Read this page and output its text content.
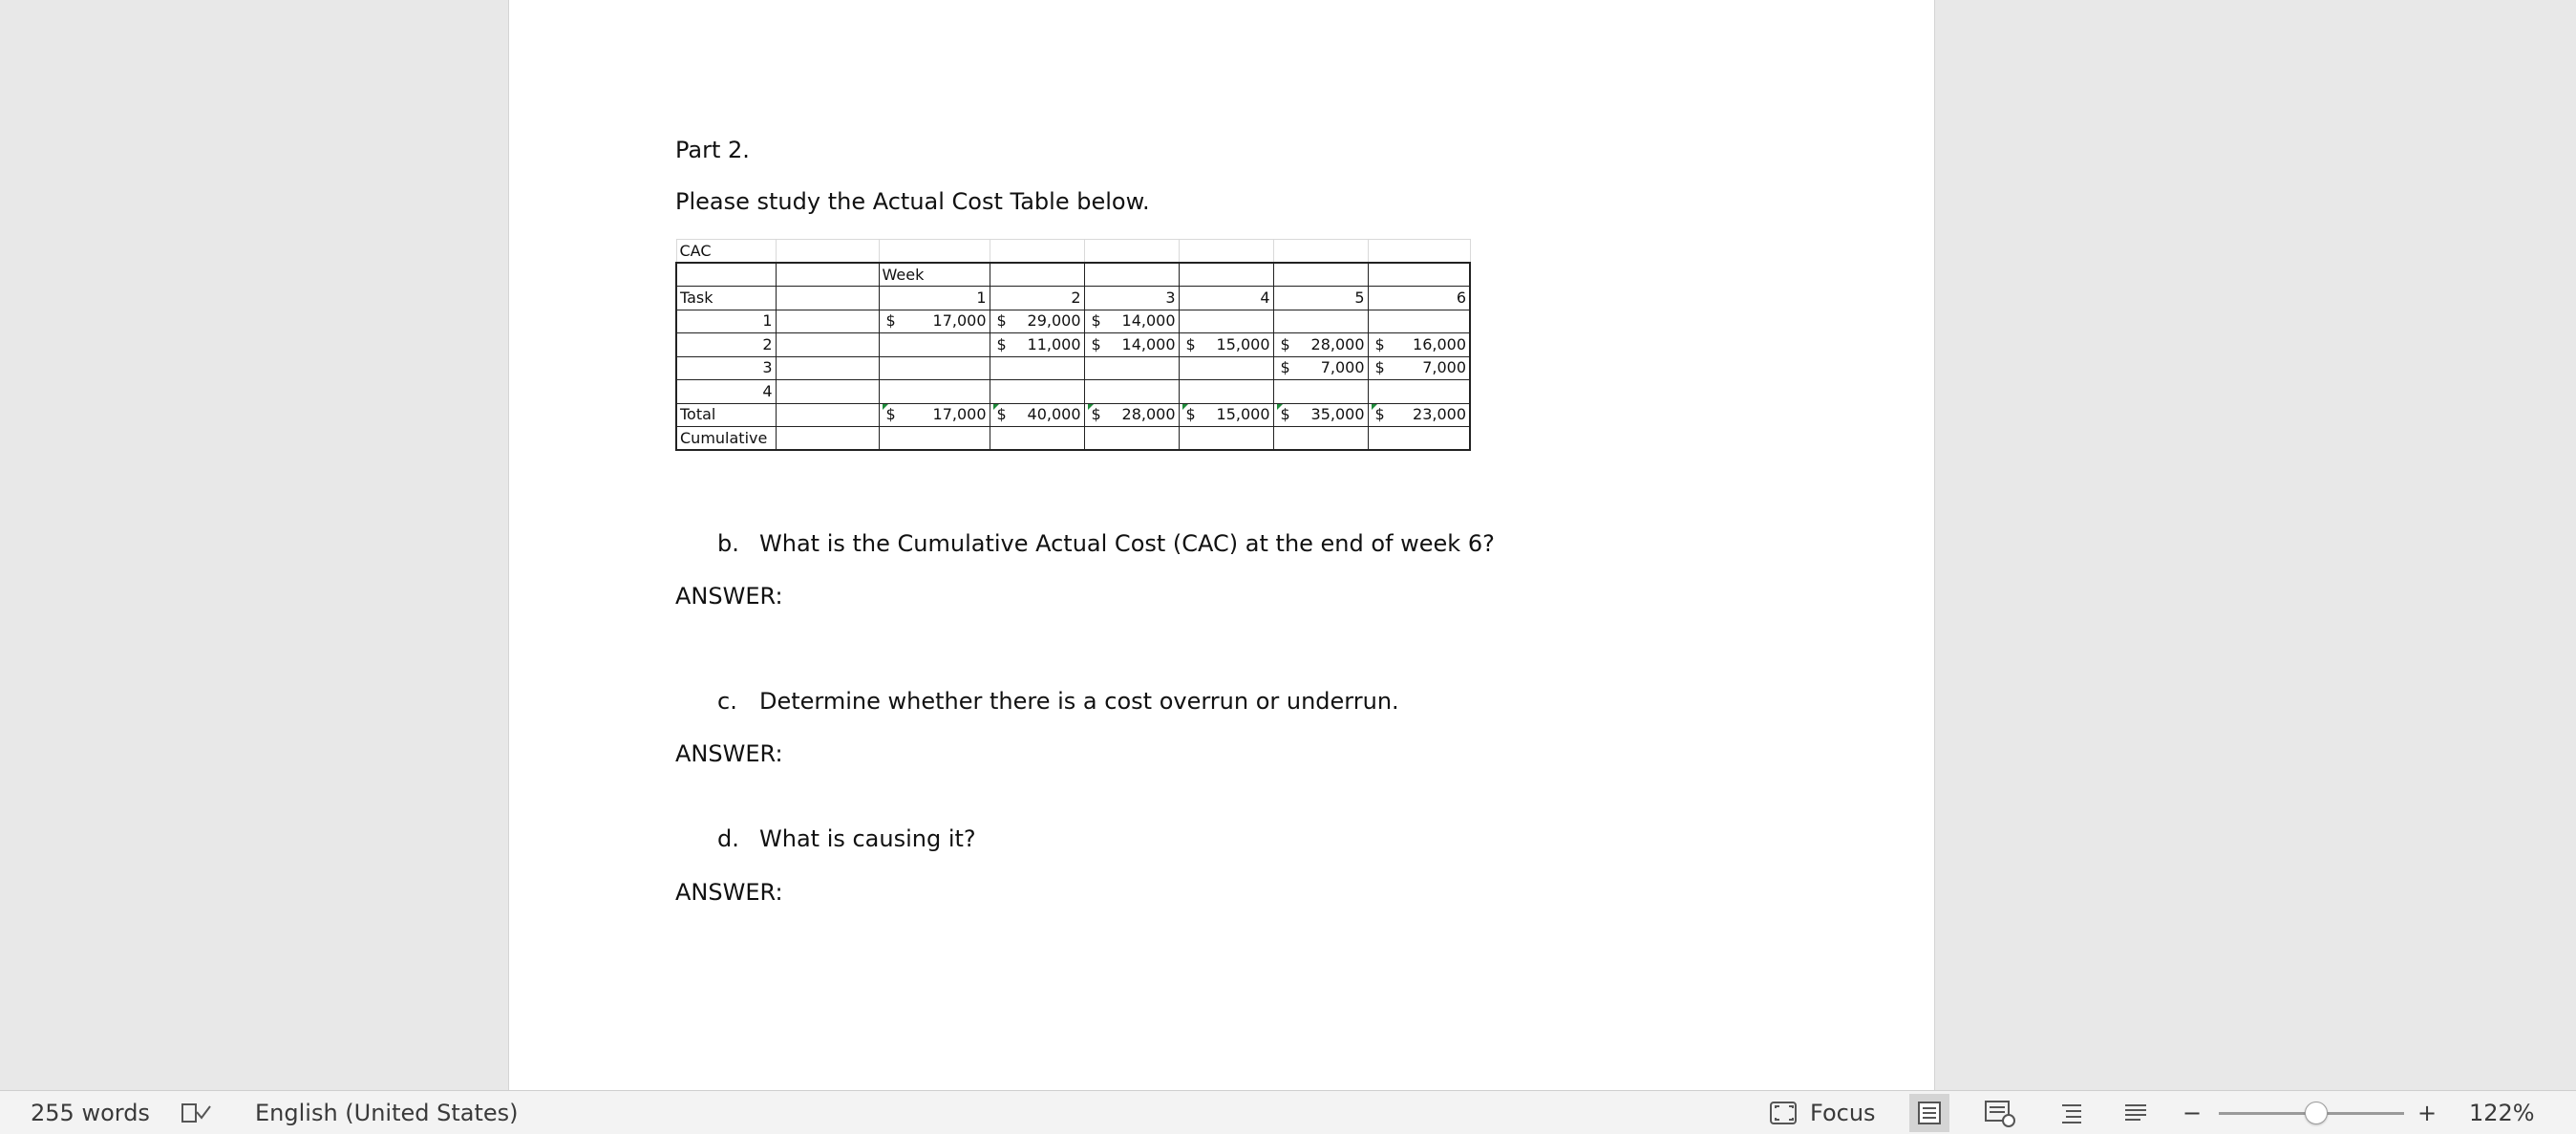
Part 2.
Please study the Actual Cost Table below.
b. What is the Cumulative Actual Cost (CAC) at the end of week 6?
ANSWER:
c. Determine whether there is a cost overrun or underrun.
ANSWER:
d. What is causing it?
ANSWER:
CAC							
		Week					
Task		1	2	3	4	5	6
1		$ 17,000	$ 29,000	$ 14,000			

2			$ 11,000	$ 14,000	$ 15,000	$ 28,000	$ 16,000

3						$ 7,000	$ 7,000

4							
Total		$ 17,000	$ 40,000	$ 28,000	$ 15,000	$ 35,000	$ 23,000

Cumulative							
255 words	English (United States)	Focus	−	+ 122%
